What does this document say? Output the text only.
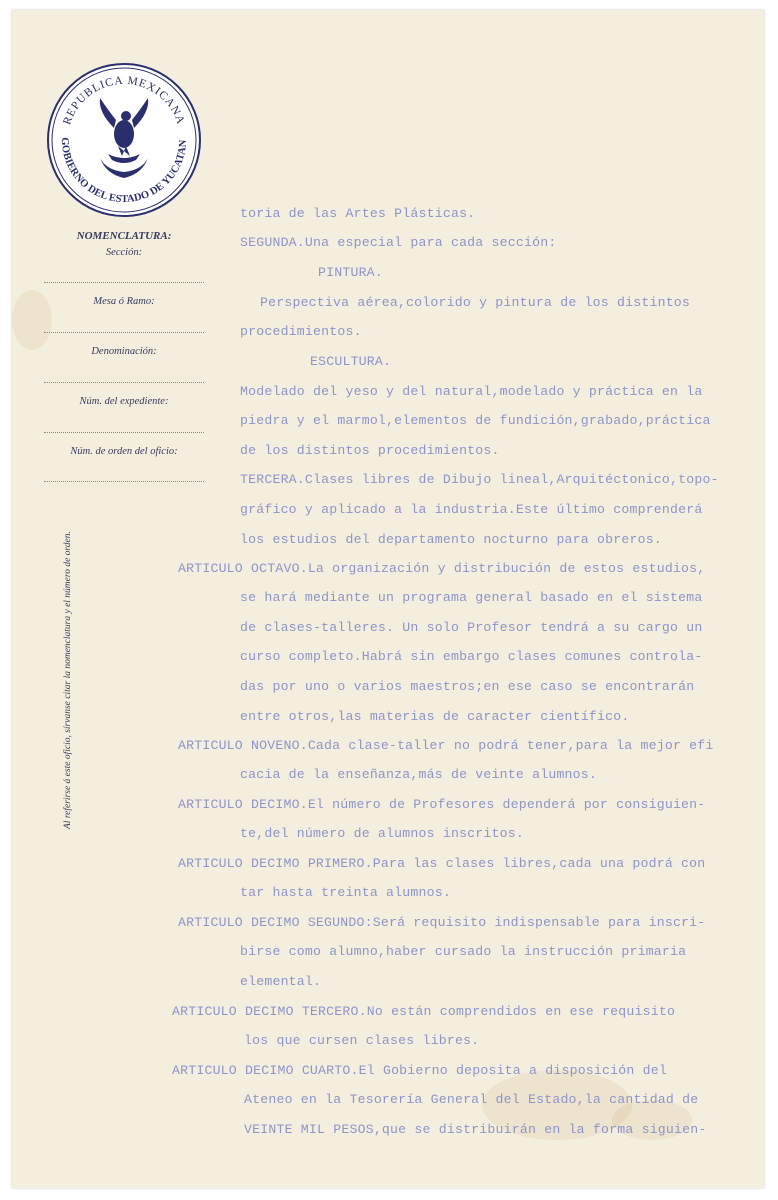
REPUBLICA MEXICANA
GOBIERNO DEL ESTADO DE YUCATAN
NOMENCLATURA:
Sección:
Mesa ó Ramo:
Denominación:
Núm. del expediente:
Núm. de orden del oficio:
Al referirse á este oficio, sírvanse citar la nomenclatura y el número de orden.
toria de las Artes Plásticas.
SEGUNDA.Una especial para cada sección:
PINTURA.
Perspectiva aérea,colorido y pintura de los distintos
procedimientos.
ESCULTURA.
Modelado del yeso y del natural,modelado y práctica en la
piedra y el marmol,elementos de fundición,grabado,práctica
de los distintos procedimientos.
TERCERA.Clases libres de Dibujo lineal,Arquitéctonico,topo-
gráfico y aplicado a la industria.Este último comprenderá
los estudios del departamento nocturno para obreros.
ARTICULO OCTAVO.La organización y distribución de estos estudios,
se hará mediante un programa general basado en el sistema
de clases-talleres. Un solo Profesor tendrá a su cargo un
curso completo.Habrá sin embargo clases comunes controla-
das por uno o varios maestros;en ese caso se encontrarán
entre otros,las materias de caracter científico.
ARTICULO NOVENO.Cada clase-taller no podrá tener,para la mejor efi
cacia de la enseñanza,más de veinte alumnos.
ARTICULO DECIMO.El número de Profesores dependerá por consiguien-
te,del número de alumnos inscritos.
ARTICULO DECIMO PRIMERO.Para las clases libres,cada una podrá con
tar hasta treinta alumnos.
ARTICULO DECIMO SEGUNDO:Será requisito indispensable para inscri-
birse como alumno,haber cursado la instrucción primaria
elemental.
ARTICULO DECIMO TERCERO.No están comprendidos en ese requisito
los que cursen clases libres.
ARTICULO DECIMO CUARTO.El Gobierno deposita a disposición del
Ateneo en la Tesorería General del Estado,la cantidad de
VEINTE MIL PESOS,que se distribuirán en la forma siguien-
